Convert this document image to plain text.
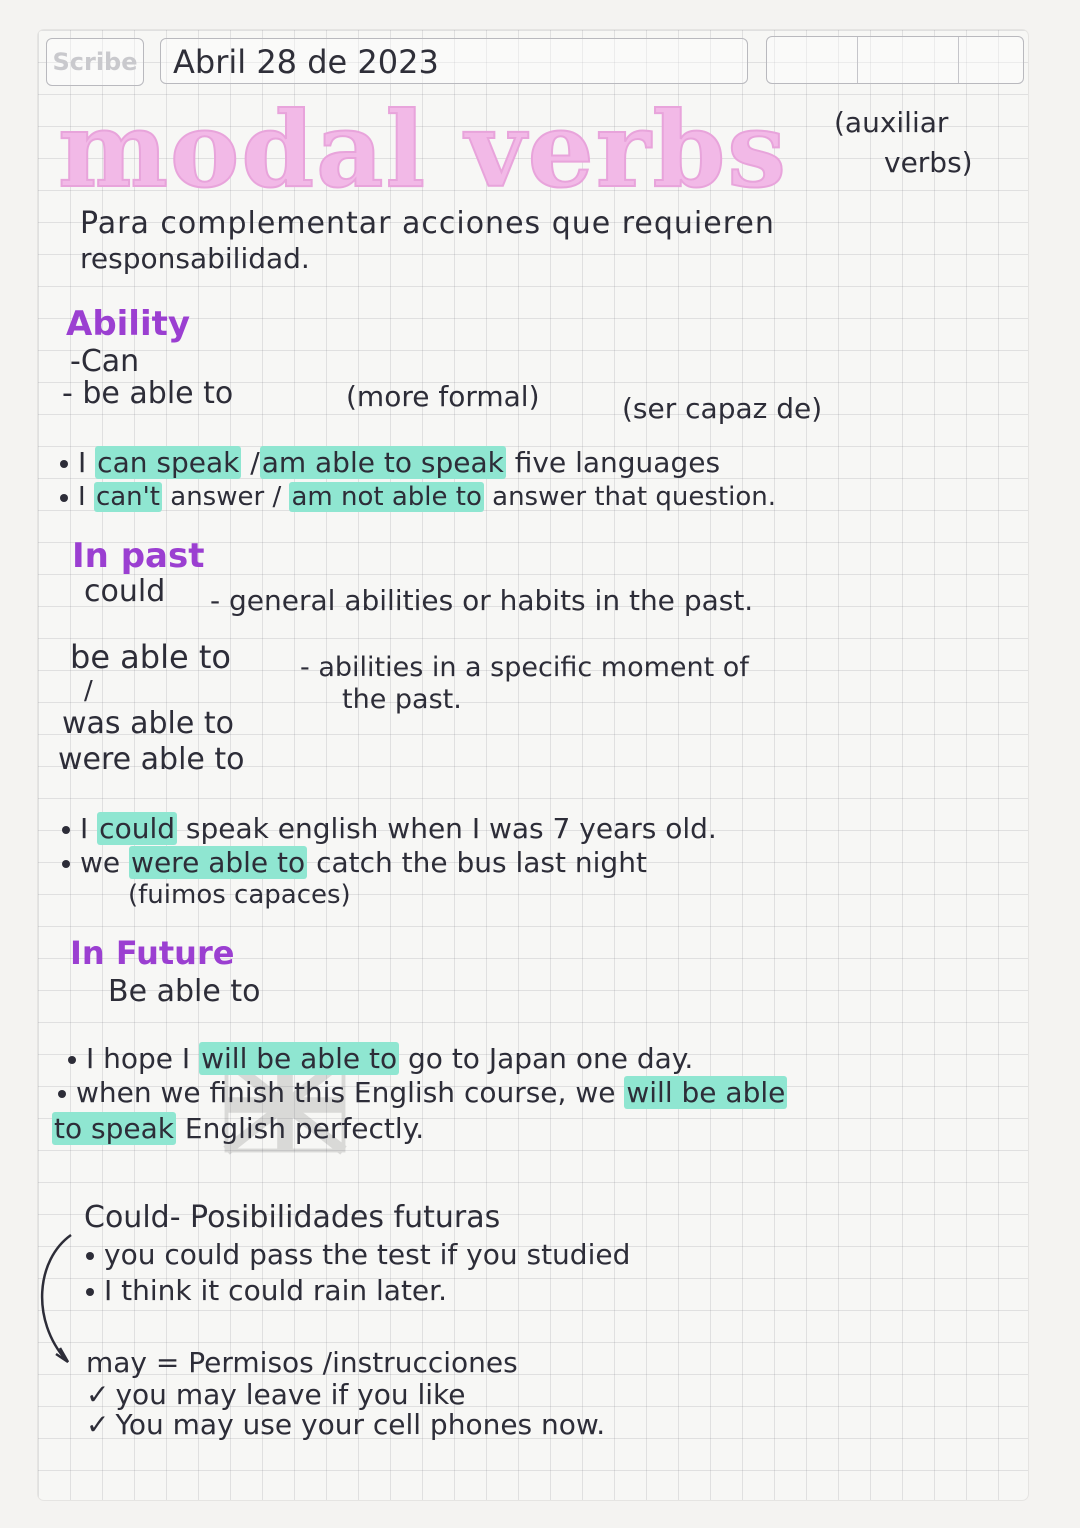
Scribe	Abril 28 de 2023
modal verbs (auxiliar
verbs)
Para complementar acciones que requieren
responsabilidad.
Ability
-Can
- be able to	(more formal)	(ser capaz de)
I can speak /am able to speak five languages
I can't answer / am not able to answer that question.
In past
could - general abilities or habits in the past.
be able to	- abilities in a specific moment of
the past.
/
was able to
were able to
I could speak english when I was 7 years old.
we were able to catch the bus last night
(fuimos capaces)
In Future
Be able to
I hope I will be able to go to Japan one day.
when we finish this English course, we will be able
to speak English perfectly.
Could- Posibilidades futuras
you could pass the test if you studied
I think it could rain later.
may = Permisos /instrucciones
✓ you may leave if you like
✓ You may use your cell phones now.
